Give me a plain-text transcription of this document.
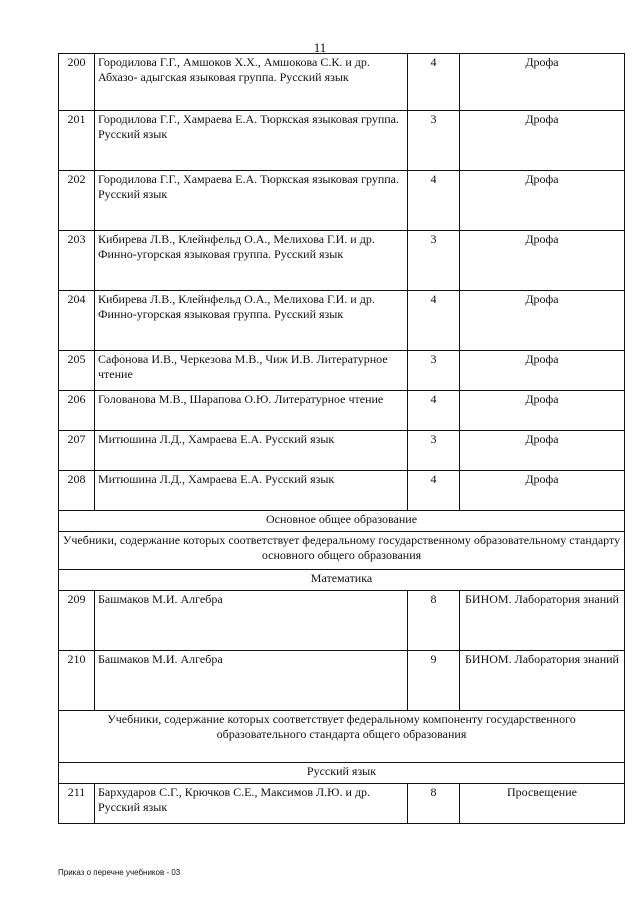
11
200	Городилова Г.Г., Амшоков Х.Х., Амшокова С.К. и др. Абхазо- адыгская языковая группа. Русский язык	4	Дрофа
201	Городилова Г.Г., Хамраева Е.А. Тюркская языковая группа. Русский язык	3	Дрофа
202	Городилова Г.Г., Хамраева Е.А. Тюркская языковая группа. Русский язык	4	Дрофа
203	Кибирева Л.В., Клейнфельд О.А., Мелихова Г.И. и др. Финно-угорская языковая группа. Русский язык	3	Дрофа
204	Кибирева Л.В., Клейнфельд О.А., Мелихова Г.И. и др. Финно-угорская языковая группа. Русский язык	4	Дрофа
205	Сафонова И.В., Черкезова М.В., Чиж И.В. Литературное чтение	3	Дрофа
206	Голованова М.В., Шарапова О.Ю. Литературное чтение	4	Дрофа
207	Митюшина Л.Д., Хамраева Е.А. Русский язык	3	Дрофа
208	Митюшина Л.Д., Хамраева Е.А. Русский язык	4	Дрофа
Основное общее образование			
Учебники, содержание которых соответствует федеральному государственному образовательному стандарту основного общего образования			
Математика			
209	Башмаков М.И. Алгебра	8	БИНОМ. Лаборатория знаний
210	Башмаков М.И. Алгебра	9	БИНОМ. Лаборатория знаний
Учебники, содержание которых соответствует федеральному компоненту государственного образовательного стандарта общего образования			
Русский язык			
211	Бархударов С.Г., Крючков С.Е., Максимов Л.Ю. и др. Русский язык	8	Просвещение
Приказ о перечне учебников - 03
